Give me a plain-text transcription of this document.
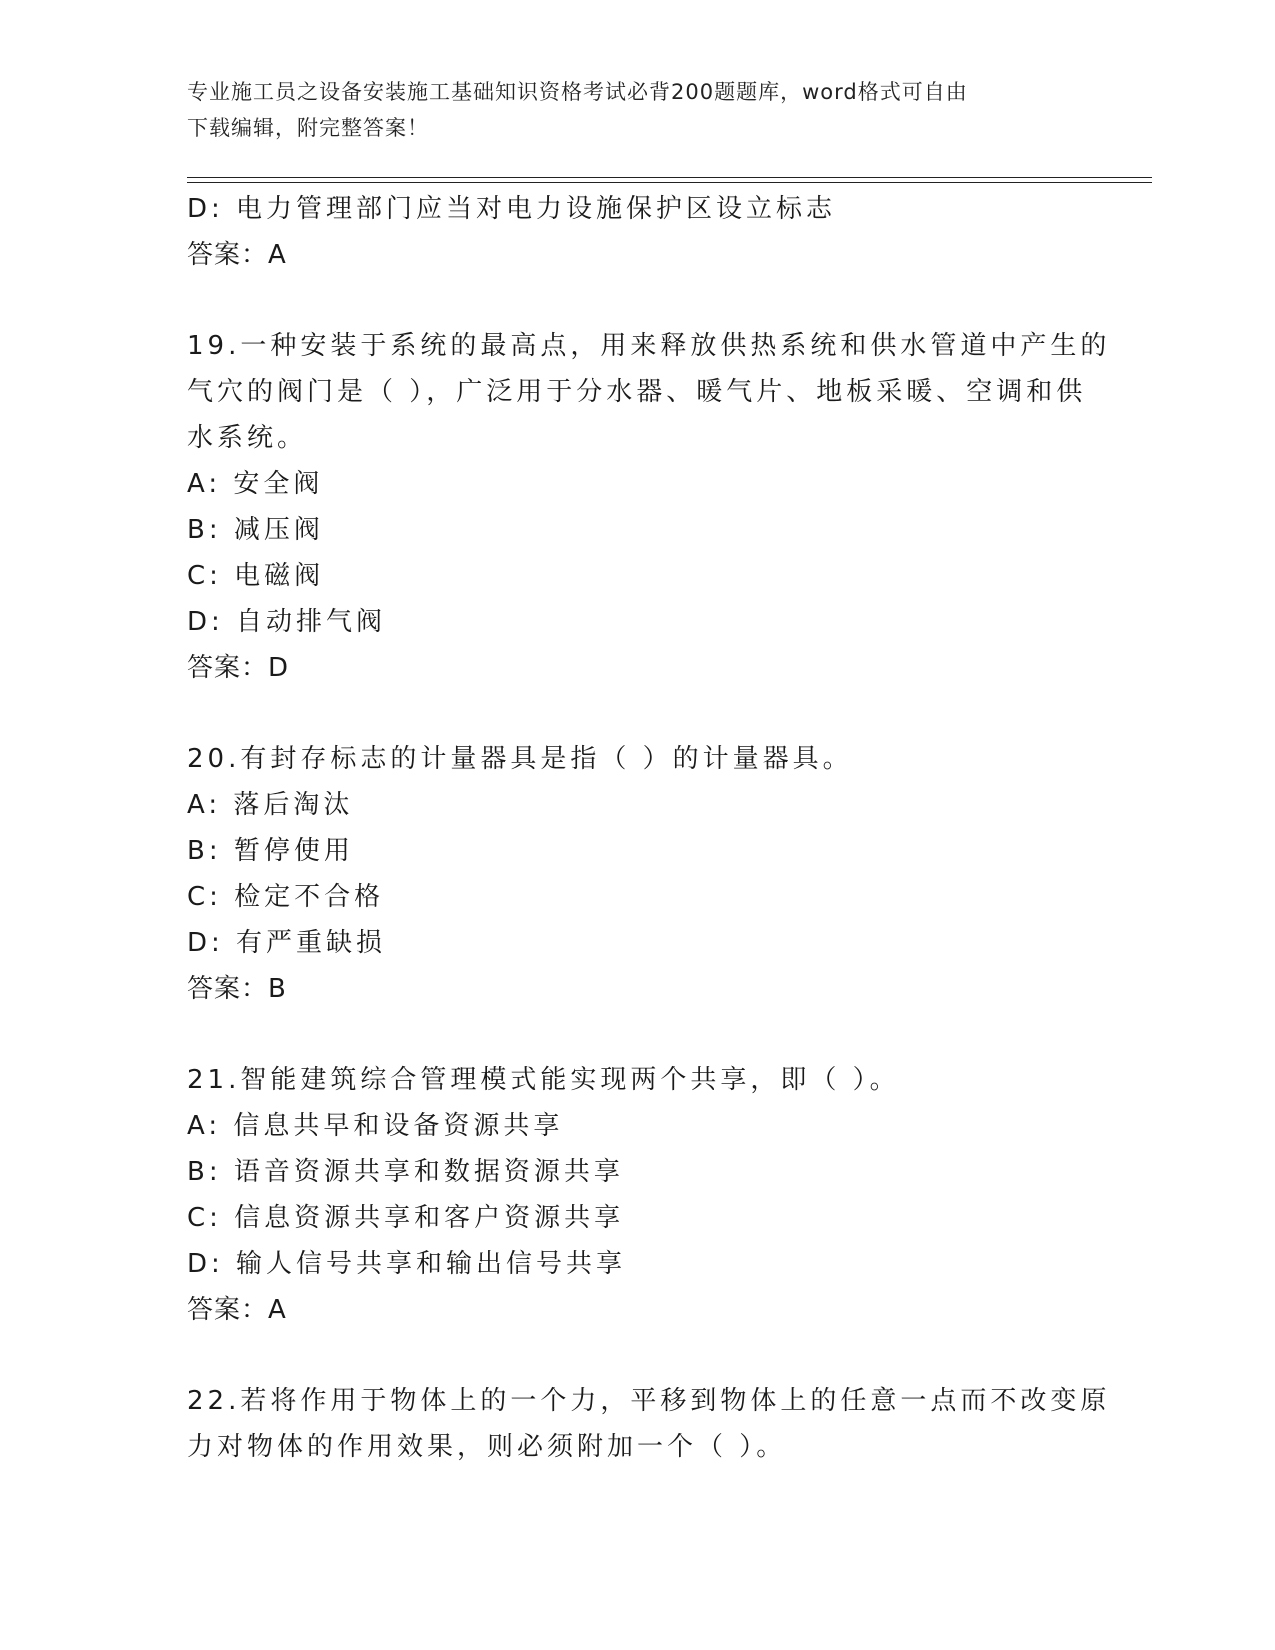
专业施工员之设备安装施工基础知识资格考试必背200题题库，word格式可自由
下载编辑，附完整答案！
D: 电力管理部门应当对电力设施保护区设立标志
答案：A
19.一种安装于系统的最高点，用来释放供热系统和供水管道中产生的
气穴的阀门是（ ），广泛用于分水器、暖气片、地板采暖、空调和供
水系统。
A: 安全阀
B: 减压阀
C: 电磁阀
D: 自动排气阀
答案：D
20.有封存标志的计量器具是指（ ）的计量器具。
A: 落后淘汰
B: 暂停使用
C: 检定不合格
D: 有严重缺损
答案：B
21.智能建筑综合管理模式能实现两个共享，即（ ）。
A: 信息共早和设备资源共享
B: 语音资源共享和数据资源共享
C: 信息资源共享和客户资源共享
D: 输人信号共享和输出信号共享
答案：A
22.若将作用于物体上的一个力，平移到物体上的任意一点而不改变原
力对物体的作用效果，则必须附加一个（ ）。
